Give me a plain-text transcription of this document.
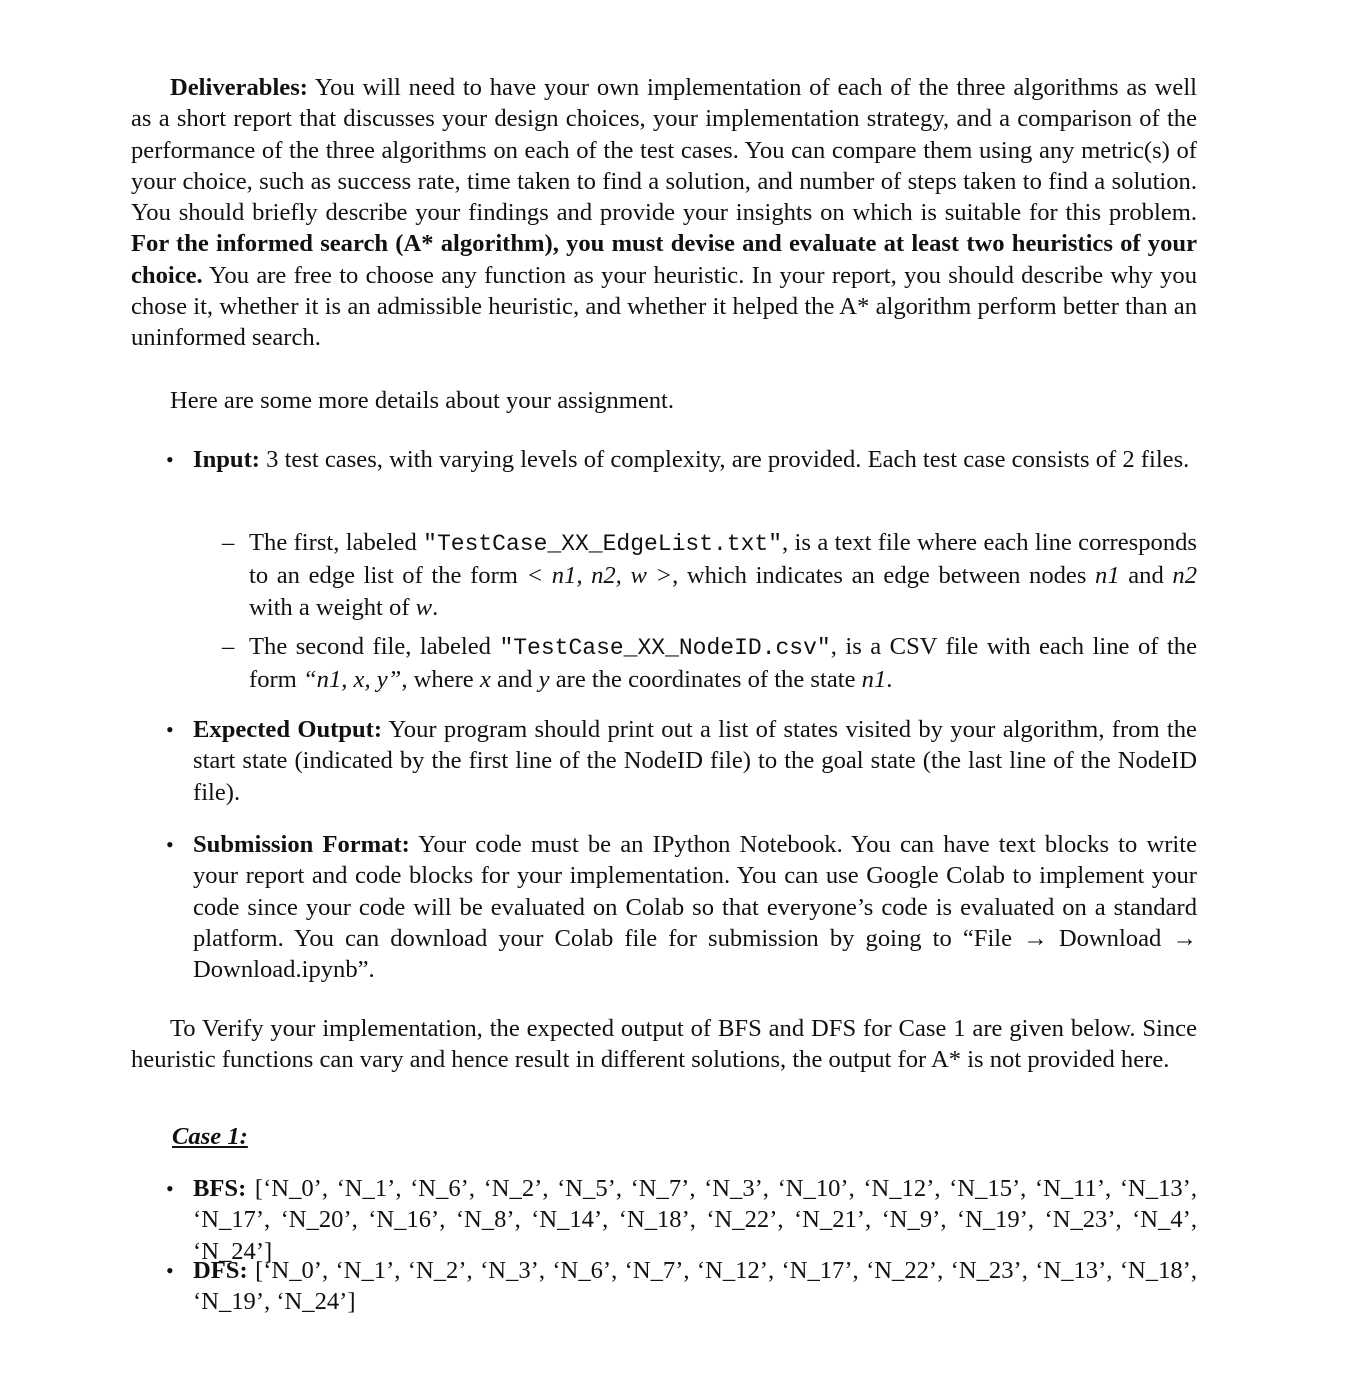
Deliverables: You will need to have your own implementation of each of the three algorithms as well as a short report that discusses your design choices, your implementation strategy, and a comparison of the performance of the three algorithms on each of the test cases. You can compare them using any metric(s) of your choice, such as success rate, time taken to find a solution, and number of steps taken to find a solution. You should briefly describe your findings and provide your insights on which is suitable for this problem. For the informed search (A* algorithm), you must devise and evaluate at least two heuristics of your choice. You are free to choose any function as your heuristic. In your report, you should describe why you chose it, whether it is an admissible heuristic, and whether it helped the A* algorithm perform better than an uninformed search.

Here are some more details about your assignment.

• Input: 3 test cases, with varying levels of complexity, are provided. Each test case consists of 2 files.
– The first, labeled "TestCase_XX_EdgeList.txt", is a text file where each line corresponds to an edge list of the form < n1, n2, w >, which indicates an edge between nodes n1 and n2 with a weight of w.
– The second file, labeled "TestCase_XX_NodeID.csv", is a CSV file with each line of the form “n1, x, y”, where x and y are the coordinates of the state n1.
• Expected Output: Your program should print out a list of states visited by your algorithm, from the start state (indicated by the first line of the NodeID file) to the goal state (the last line of the NodeID file).
• Submission Format: Your code must be an IPython Notebook. You can have text blocks to write your report and code blocks for your implementation. You can use Google Colab to implement your code since your code will be evaluated on Colab so that everyone’s code is evaluated on a standard platform. You can download your Colab file for submission by going to “File → Download → Download.ipynb”.

To Verify your implementation, the expected output of BFS and DFS for Case 1 are given below. Since heuristic functions can vary and hence result in different solutions, the output for A* is not provided here.

Case 1:
• BFS: [‘N_0’, ‘N_1’, ‘N_6’, ‘N_2’, ‘N_5’, ‘N_7’, ‘N_3’, ‘N_10’, ‘N_12’, ‘N_15’, ‘N_11’, ‘N_13’, ‘N_17’, ‘N_20’, ‘N_16’, ‘N_8’, ‘N_14’, ‘N_18’, ‘N_22’, ‘N_21’, ‘N_9’, ‘N_19’, ‘N_23’, ‘N_4’, ‘N_24’]
• DFS: [‘N_0’, ‘N_1’, ‘N_2’, ‘N_3’, ‘N_6’, ‘N_7’, ‘N_12’, ‘N_17’, ‘N_22’, ‘N_23’, ‘N_13’, ‘N_18’, ‘N_19’, ‘N_24’]
